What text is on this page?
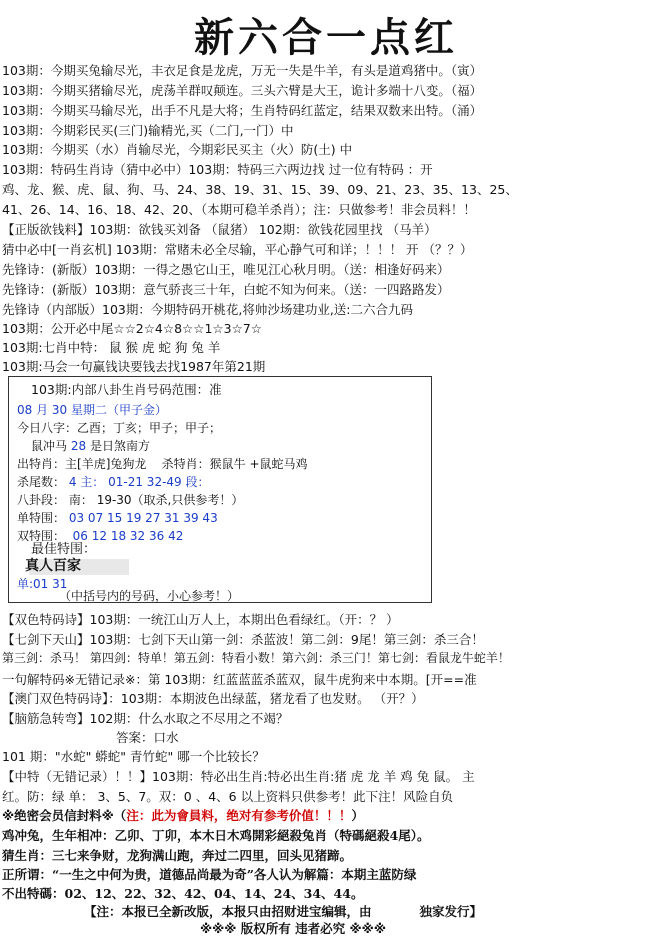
新六合一点红
103期：今期买兔输尽光，丰衣足食是龙虎，万无一失是牛羊，有头是道鸡猪中。（寅）
103期：今期买猪输尽光，虎荡羊群叹颠连。三头六臂是大王，诡计多端十八变。（福）
103期：今期买马输尽光，出手不凡是大将；生肖特码红蓝定，结果双数来出特。（涌）
103期：今期彩民买(三门)输精光,买（二门,一门）中
103期：今期买（水）肖输尽光，今期彩民买主（火）防(土) 中
103期：特码生肖诗（猜中必中）103期：特码三六两边找 过一位有特码 ：开
鸡、龙、猴、虎、鼠、狗、马、24、38、19、31、15、39、09、21、23、35、13、25、
41、26、14、16、18、42、20、（本期可稳羊杀肖）；注：只做参考！非会员料！！
【正版欲钱料】103期：欲钱买刘备 （鼠猪） 102期：欲钱花园里找 （马羊）
猜中必中[一肖玄机] 103期：常赌未必全尽输，平心静气可和详；！！！ 开 （？？）
先锋诗：(新版）103期：一得之愚它山王，唯见江心秋月明。（送：相逢好码来）
先锋诗：(新版）103期：意气骄丧三十年，白蛇不知为何来。（送：一四路路发）
先锋诗（内部版）103期：今期特码开桃花,将帅沙场建功业,送:二六合九码
103期：公开必中尾☆☆2☆4☆8☆☆1☆3☆7☆
103期:七肖中特： 鼠 猴 虎 蛇 狗 兔 羊
103期:马会一句赢钱诀要钱去找1987年第21期
103期:内部八卦生肖号码范围：准
08 月 30 星期二（甲子金）
今日八字：乙酉；丁亥；甲子；甲子；
鼠冲马 28 是日煞南方
出特肖：主[羊虎]兔狗龙 杀特肖：猴鼠牛 +鼠蛇马鸡
杀尾数： 4 主： 01-21 32-49 段：
八卦段： 南： 19-30（取杀,只供参考！）
单特围： 03 07 15 19 27 31 39 43
双特围： 06 12 18 32 36 42
最佳特围：
真人百家
单:01 31
（中括号内的号码，小心参考！）
【双色特码诗】103期：一统江山万人上，本期出色看绿红。（开：？ ）
【七剑下天山】103期：七剑下天山第一剑：杀蓝波！第二剑：9尾！第三剑：杀三合！
第三剑：杀马！ 第四剑：特单！第五剑：特看小数！第六剑：杀三门！第七剑：看鼠龙牛蛇羊！
一句解特码※无错记录※：第 103期：红蓝蓝蓝杀蓝双，鼠牛虎狗来中本期。[开==准
【澳门双色特码诗】：103期：本期波色出绿蓝，猪龙看了也发财。 （开？）
【脑筋急转弯】102期：什么水取之不尽用之不竭？
答案：口水
101 期："水蛇" 蟒蛇" 青竹蛇" 哪一个比较长？
【中特（无错记录）！！】103期：特必出生肖:特必出生肖:猪 虎 龙 羊 鸡 兔 鼠。 主
红。防：绿 单： 3、5、7。双：0 、4、6 以上资料只供参考！此下注！风险自负
※绝密会员信封料※（注：此为會員料，绝对有参考价值！！！）
鸡冲兔，生年相冲：乙卯、丁卯，本木日木鸡開彩絕殺兔肖（特碼絕殺4尾）。
猜生肖：三七来争财，龙狗满山跑，奔过二四里，回头见猪蹄。
正所谓：“一生之中何为贵，道德品尚最为奇”各人认为解篇：本期主蓝防绿
不出特碼：02、12、22、32、42、04、14、24、34、44。
【注：本报已全新改版，本报只由招财进宝编辑，由	独家发行】
※※※ 版权所有 违者必究 ※※※
